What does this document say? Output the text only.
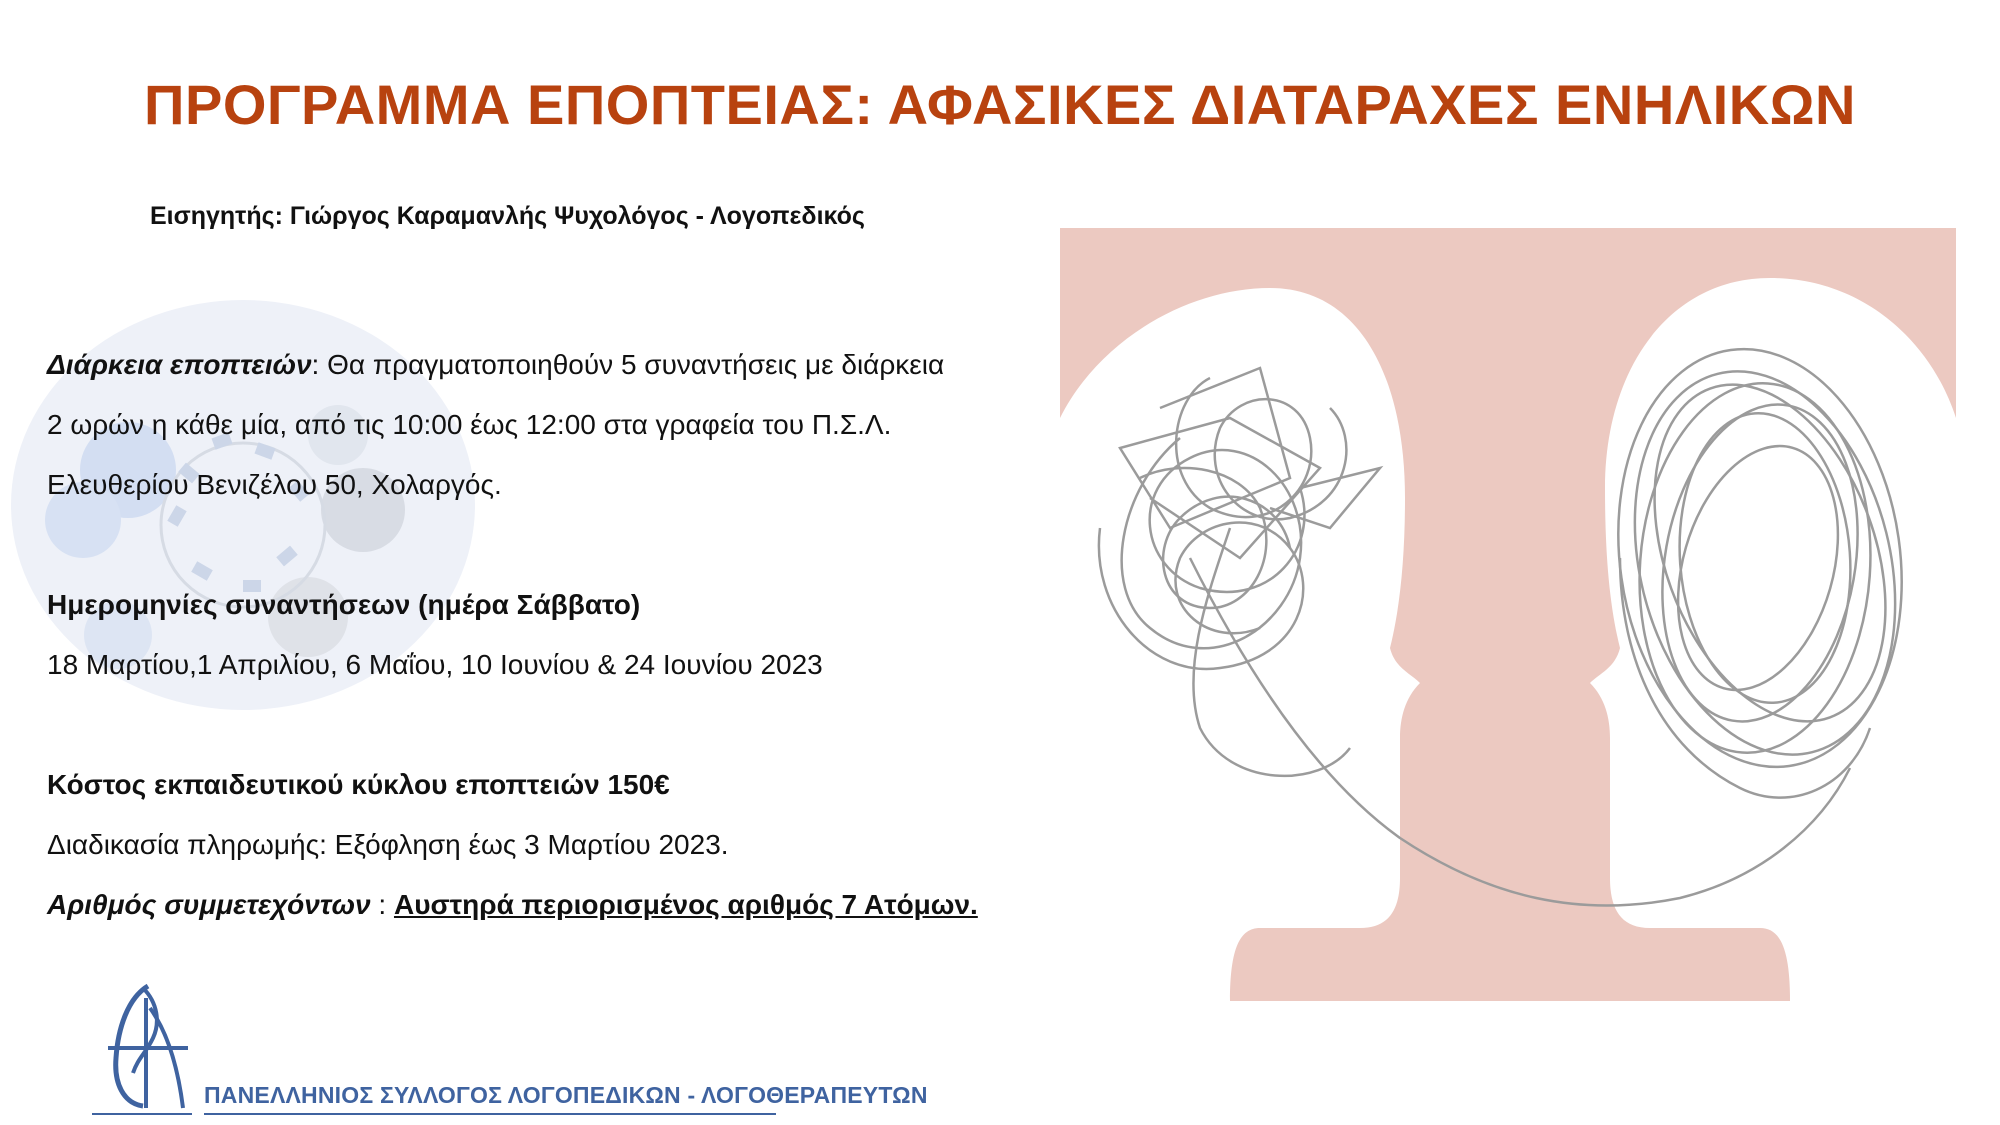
ΠΡΟΓΡΑΜΜΑ ΕΠΟΠΤΕΙΑΣ: ΑΦΑΣΙΚΕΣ ΔΙΑΤΑΡΑΧΕΣ ΕΝΗΛΙΚΩΝ
Εισηγητής: Γιώργος Καραμανλής Ψυχολόγος - Λογοπεδικός
Διάρκεια εποπτειών: Θα πραγματοποιηθούν 5 συναντήσεις με διάρκεια
2 ωρών η κάθε μία, από τις 10:00 έως 12:00 στα γραφεία του Π.Σ.Λ.
Ελευθερίου Βενιζέλου 50, Χολαργός.
Ημερομηνίες συναντήσεων (ημέρα Σάββατο)
18 Μαρτίου,1 Απριλίου, 6 Μαΐου, 10 Ιουνίου & 24 Ιουνίου 2023
Κόστος εκπαιδευτικού κύκλου εποπτειών 150€
Διαδικασία πληρωμής: Εξόφληση έως 3 Μαρτίου 2023.
Αριθμός συμμετεχόντων : Αυστηρά περιορισμένος αριθμός 7 Ατόμων.
ΠΑΝΕΛΛΗΝΙΟΣ ΣΥΛΛΟΓΟΣ ΛΟΓΟΠΕΔΙΚΩΝ - ΛΟΓΟΘΕΡΑΠΕΥΤΩΝ
